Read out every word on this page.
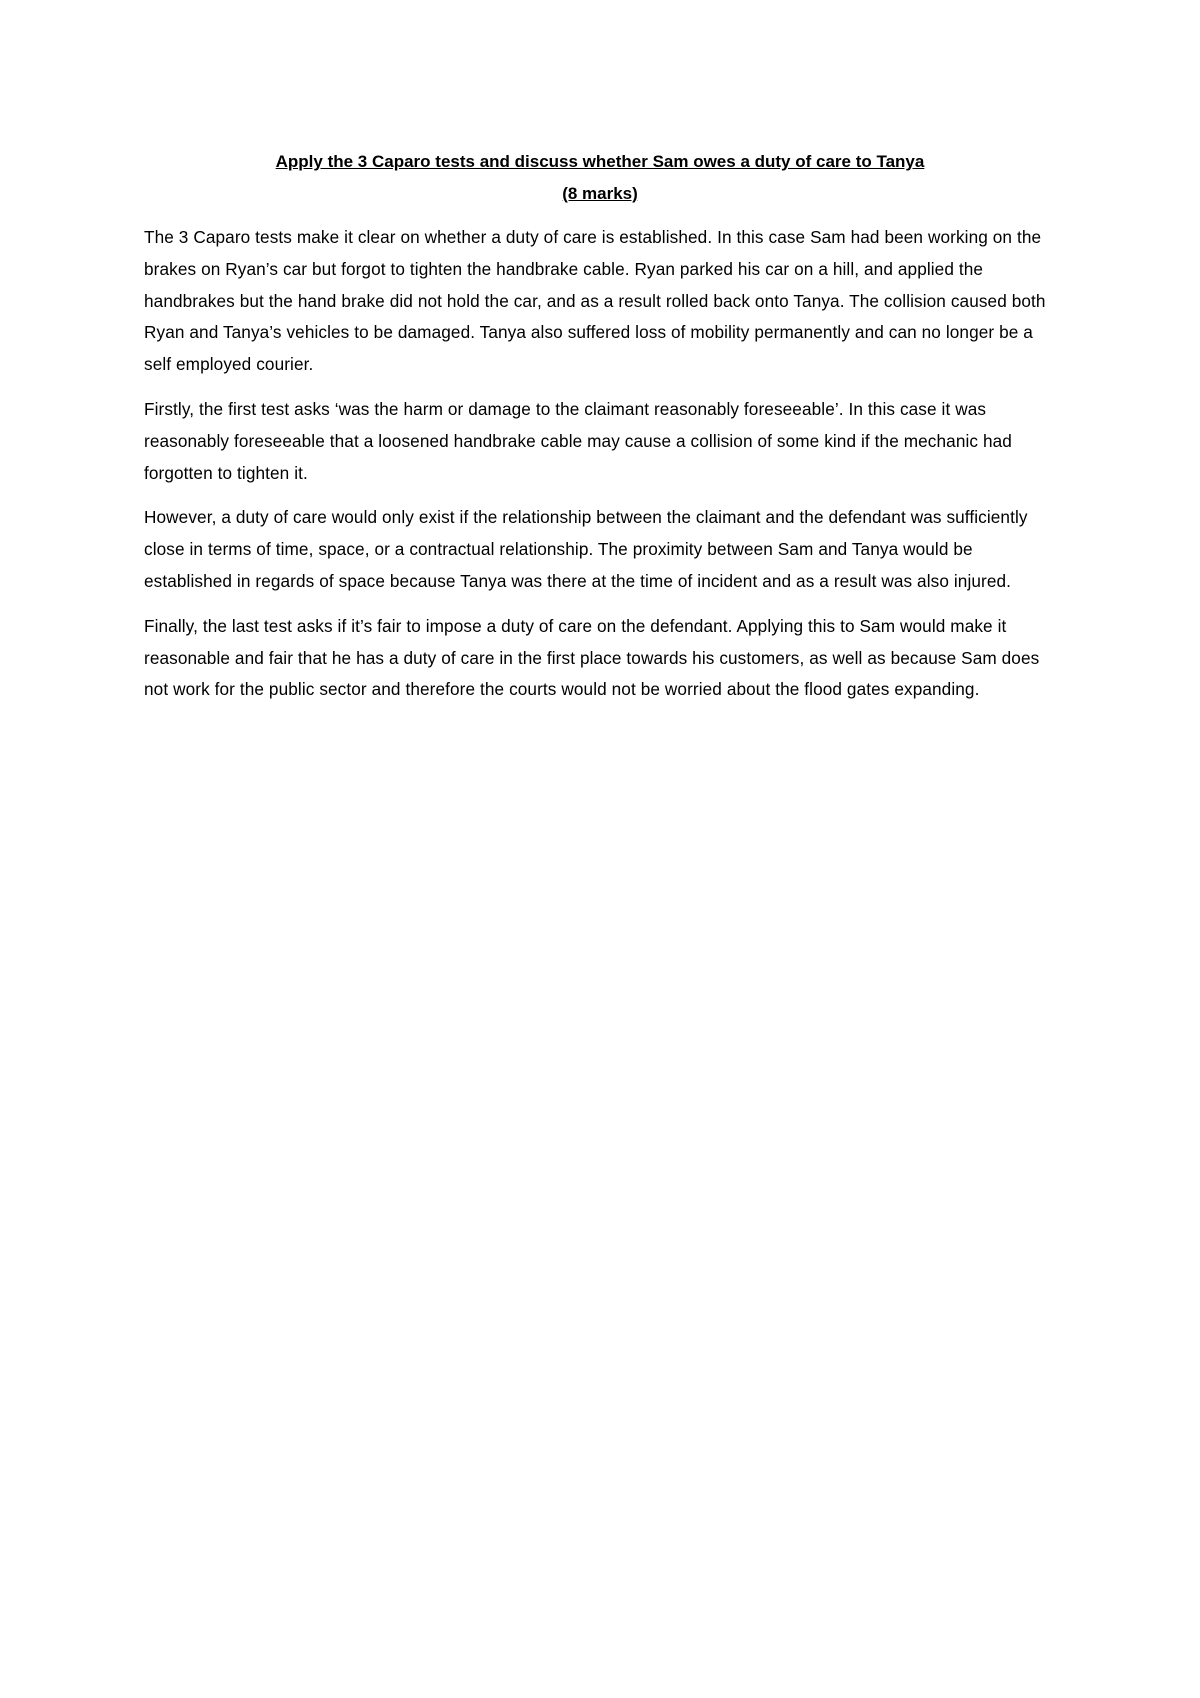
Apply the 3 Caparo tests and discuss whether Sam owes a duty of care to Tanya

(8 marks)

The 3 Caparo tests make it clear on whether a duty of care is established. In this case Sam had been working on the brakes on Ryan’s car but forgot to tighten the handbrake cable. Ryan parked his car on a hill, and applied the handbrakes but the hand brake did not hold the car, and as a result rolled back onto Tanya. The collision caused both Ryan and Tanya’s vehicles to be damaged. Tanya also suffered loss of mobility permanently and can no longer be a self employed courier.

Firstly, the first test asks ‘was the harm or damage to the claimant reasonably foreseeable’. In this case it was reasonably foreseeable that a loosened handbrake cable may cause a collision of some kind if the mechanic had forgotten to tighten it.

However, a duty of care would only exist if the relationship between the claimant and the defendant was sufficiently close in terms of time, space, or a contractual relationship. The proximity between Sam and Tanya would be established in regards of space because Tanya was there at the time of incident and as a result was also injured.

Finally, the last test asks if it’s fair to impose a duty of care on the defendant. Applying this to Sam would make it reasonable and fair that he has a duty of care in the first place towards his customers, as well as because Sam does not work for the public sector and therefore the courts would not be worried about the flood gates expanding.
